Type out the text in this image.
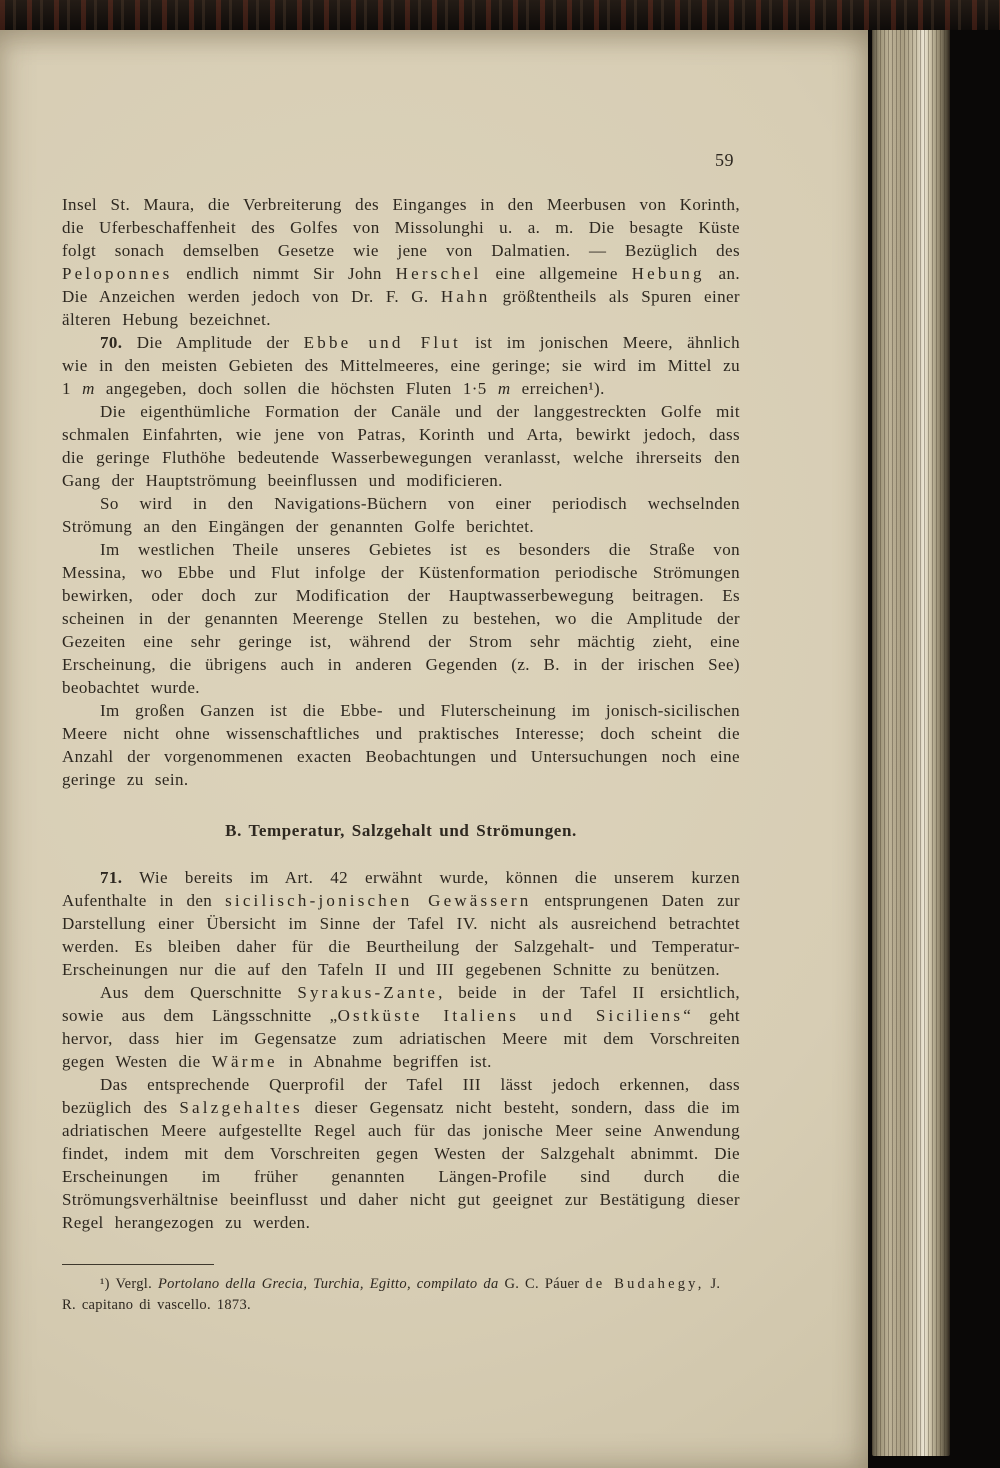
59

Insel St. Maura, die Verbreiterung des Einganges in den Meerbusen von Korinth, die Uferbeschaffenheit des Golfes von Missolunghi u. a. m. Die besagte Küste folgt sonach demselben Gesetze wie jene von Dalmatien. — Bezüglich des Peloponnes endlich nimmt Sir John Herschel eine allgemeine Hebung an. Die Anzeichen werden jedoch von Dr. F. G. Hahn größtentheils als Spuren einer älteren Hebung bezeichnet.

70. Die Amplitude der Ebbe und Flut ist im jonischen Meere, ähnlich wie in den meisten Gebieten des Mittelmeeres, eine geringe; sie wird im Mittel zu 1 m angegeben, doch sollen die höchsten Fluten 1·5 m erreichen¹).

Die eigenthümliche Formation der Canäle und der langgestreckten Golfe mit schmalen Einfahrten, wie jene von Patras, Korinth und Arta, bewirkt jedoch, dass die geringe Fluthöhe bedeutende Wasserbewegungen veranlasst, welche ihrerseits den Gang der Hauptströmung beeinflussen und modificieren.

So wird in den Navigations-Büchern von einer periodisch wechselnden Strömung an den Eingängen der genannten Golfe berichtet.

Im westlichen Theile unseres Gebietes ist es besonders die Straße von Messina, wo Ebbe und Flut infolge der Küstenformation periodische Strömungen bewirken, oder doch zur Modification der Hauptwasserbewegung beitragen. Es scheinen in der genannten Meerenge Stellen zu bestehen, wo die Amplitude der Gezeiten eine sehr geringe ist, während der Strom sehr mächtig zieht, eine Erscheinung, die übrigens auch in anderen Gegenden (z. B. in der irischen See) beobachtet wurde.

Im großen Ganzen ist die Ebbe- und Fluterscheinung im jonisch-sicilischen Meere nicht ohne wissenschaftliches und praktisches Interesse; doch scheint die Anzahl der vorgenommenen exacten Beobachtungen und Untersuchungen noch eine geringe zu sein.

B. Temperatur, Salzgehalt und Strömungen.

71. Wie bereits im Art. 42 erwähnt wurde, können die unserem kurzen Aufenthalte in den sicilisch-jonischen Gewässern entsprungenen Daten zur Darstellung einer Übersicht im Sinne der Tafel IV. nicht als ausreichend betrachtet werden. Es bleiben daher für die Beurtheilung der Salzgehalt- und Temperatur-Erscheinungen nur die auf den Tafeln II und III gegebenen Schnitte zu benützen.

Aus dem Querschnitte Syrakus-Zante, beide in der Tafel II ersichtlich, sowie aus dem Längsschnitte „Ostküste Italiens und Siciliens“ geht hervor, dass hier im Gegensatze zum adriatischen Meere mit dem Vorschreiten gegen Westen die Wärme in Abnahme begriffen ist.

Das entsprechende Querprofil der Tafel III lässt jedoch erkennen, dass bezüglich des Salzgehaltes dieser Gegensatz nicht besteht, sondern, dass die im adriatischen Meere aufgestellte Regel auch für das jonische Meer seine Anwendung findet, indem mit dem Vorschreiten gegen Westen der Salzgehalt abnimmt. Die Erscheinungen im früher genannten Längen-Profile sind durch die Strömungsverhältnise beeinflusst und daher nicht gut geeignet zur Bestätigung dieser Regel herangezogen zu werden.

¹) Vergl. Portolano della Grecia, Turchia, Egitto, compilato da G. C. Páuer de Budahegy, J. R. capitano di vascello. 1873.
